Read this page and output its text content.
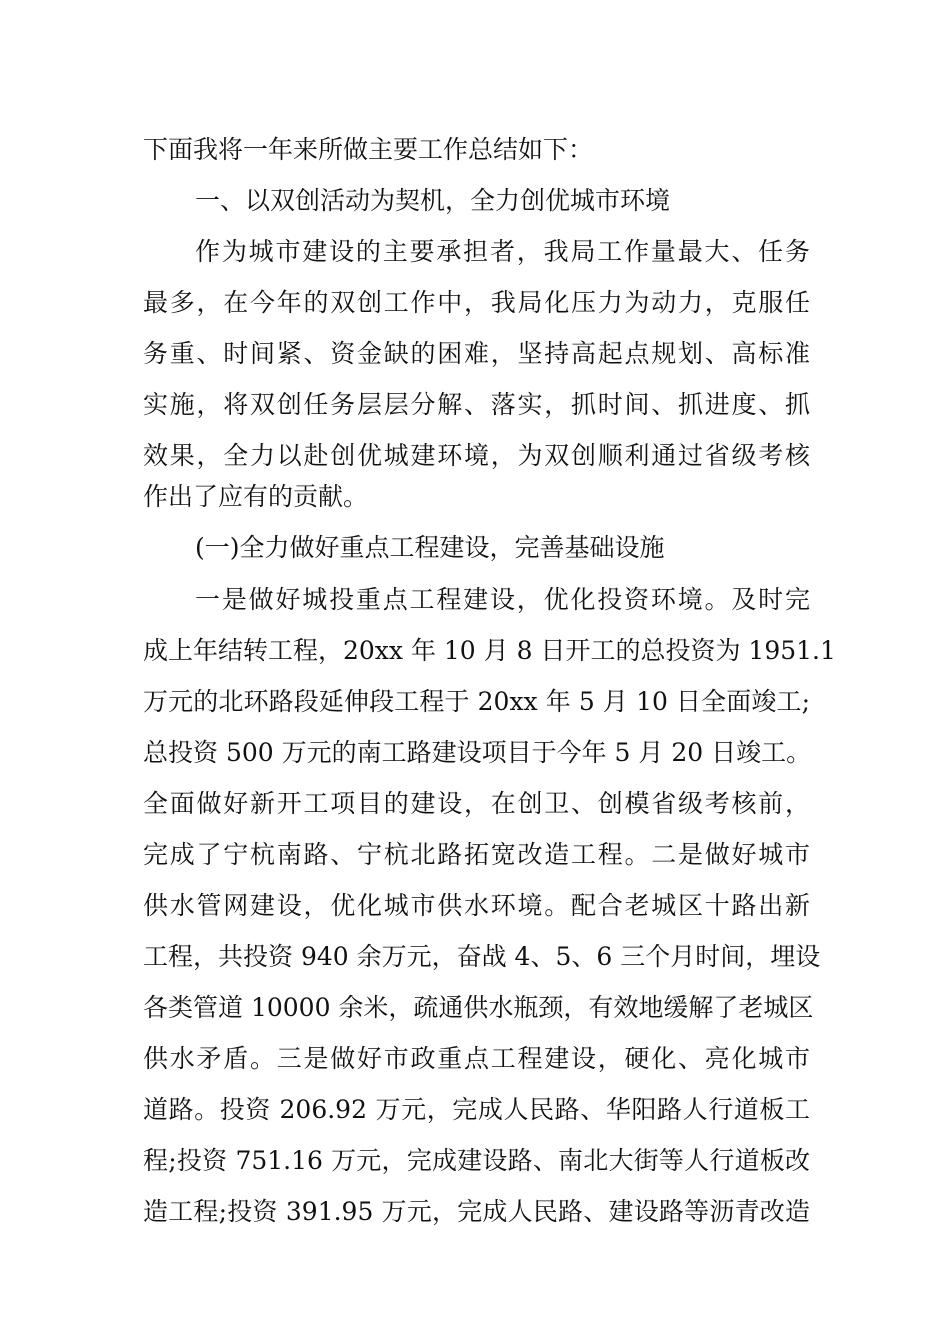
下面我将一年来所做主要工作总结如下：
一、以双创活动为契机，全力创优城市环境
作为城市建设的主要承担者，我局工作量最大、任务
最多，在今年的双创工作中，我局化压力为动力，克服任
务重、时间紧、资金缺的困难，坚持高起点规划、高标准
实施，将双创任务层层分解、落实，抓时间、抓进度、抓
效果，全力以赴创优城建环境，为双创顺利通过省级考核
作出了应有的贡献。
(一)全力做好重点工程建设，完善基础设施
一是做好城投重点工程建设，优化投资环境。及时完
成上年结转工程，20xx 年 10 月 8 日开工的总投资为 1951.1
万元的北环路段延伸段工程于 20xx 年 5 月 10 日全面竣工;
总投资 500 万元的南工路建设项目于今年 5 月 20 日竣工。
全面做好新开工项目的建设，在创卫、创模省级考核前，
完成了宁杭南路、宁杭北路拓宽改造工程。二是做好城市
供水管网建设，优化城市供水环境。配合老城区十路出新
工程，共投资 940 余万元，奋战 4、5、6 三个月时间，埋设
各类管道 10000 余米，疏通供水瓶颈，有效地缓解了老城区
供水矛盾。三是做好市政重点工程建设，硬化、亮化城市
道路。投资 206.92 万元，完成人民路、华阳路人行道板工
程;投资 751.16 万元，完成建设路、南北大街等人行道板改
造工程;投资 391.95 万元，完成人民路、建设路等沥青改造
